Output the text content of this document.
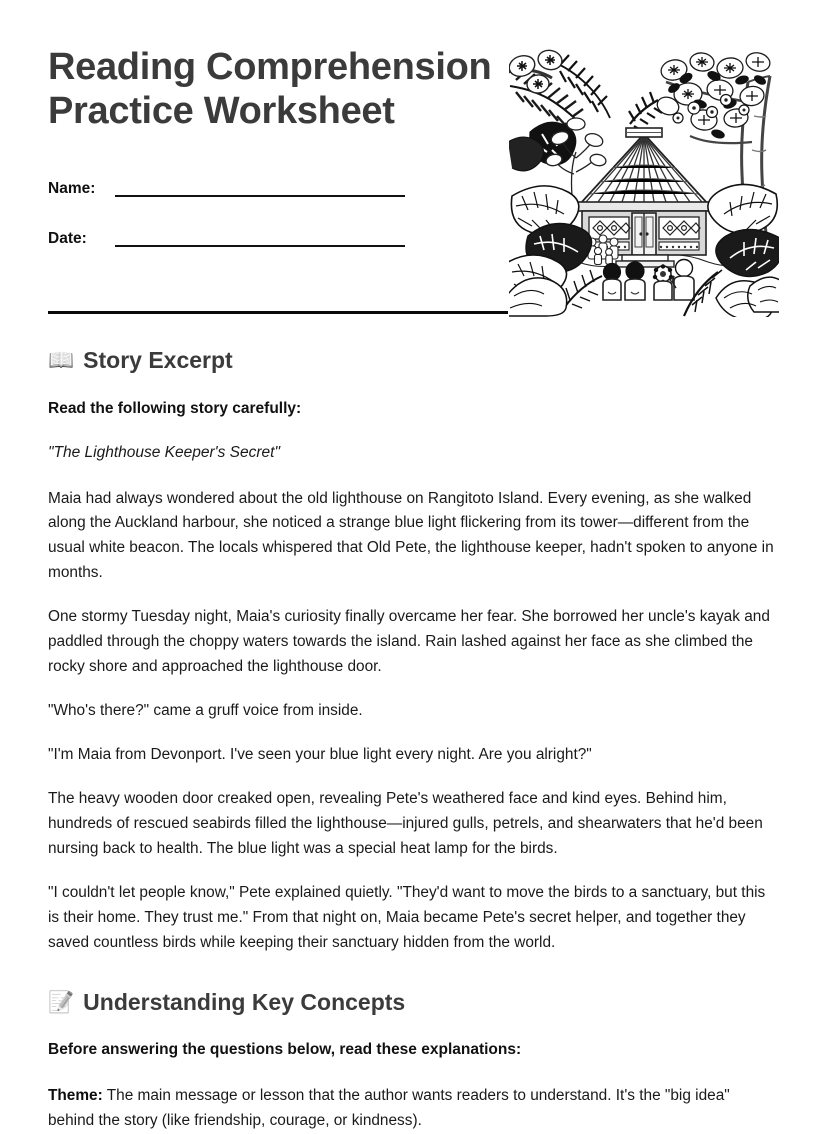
Reading Comprehension Practice Worksheet
Name:
Date:
📖 Story Excerpt

Read the following story carefully:

"The Lighthouse Keeper's Secret"

Maia had always wondered about the old lighthouse on Rangitoto Island. Every evening, as she walked along the Auckland harbour, she noticed a strange blue light flickering from its tower—different from the usual white beacon. The locals whispered that Old Pete, the lighthouse keeper, hadn't spoken to anyone in months.

One stormy Tuesday night, Maia's curiosity finally overcame her fear. She borrowed her uncle's kayak and paddled through the choppy waters towards the island. Rain lashed against her face as she climbed the rocky shore and approached the lighthouse door.

"Who's there?" came a gruff voice from inside.

"I'm Maia from Devonport. I've seen your blue light every night. Are you alright?"

The heavy wooden door creaked open, revealing Pete's weathered face and kind eyes. Behind him, hundreds of rescued seabirds filled the lighthouse—injured gulls, petrels, and shearwaters that he'd been nursing back to health. The blue light was a special heat lamp for the birds.

"I couldn't let people know," Pete explained quietly. "They'd want to move the birds to a sanctuary, but this is their home. They trust me." From that night on, Maia became Pete's secret helper, and together they saved countless birds while keeping their sanctuary hidden from the world.

📝 Understanding Key Concepts

Before answering the questions below, read these explanations:

Theme: The main message or lesson that the author wants readers to understand. It's the "big idea" behind the story (like friendship, courage, or kindness).
